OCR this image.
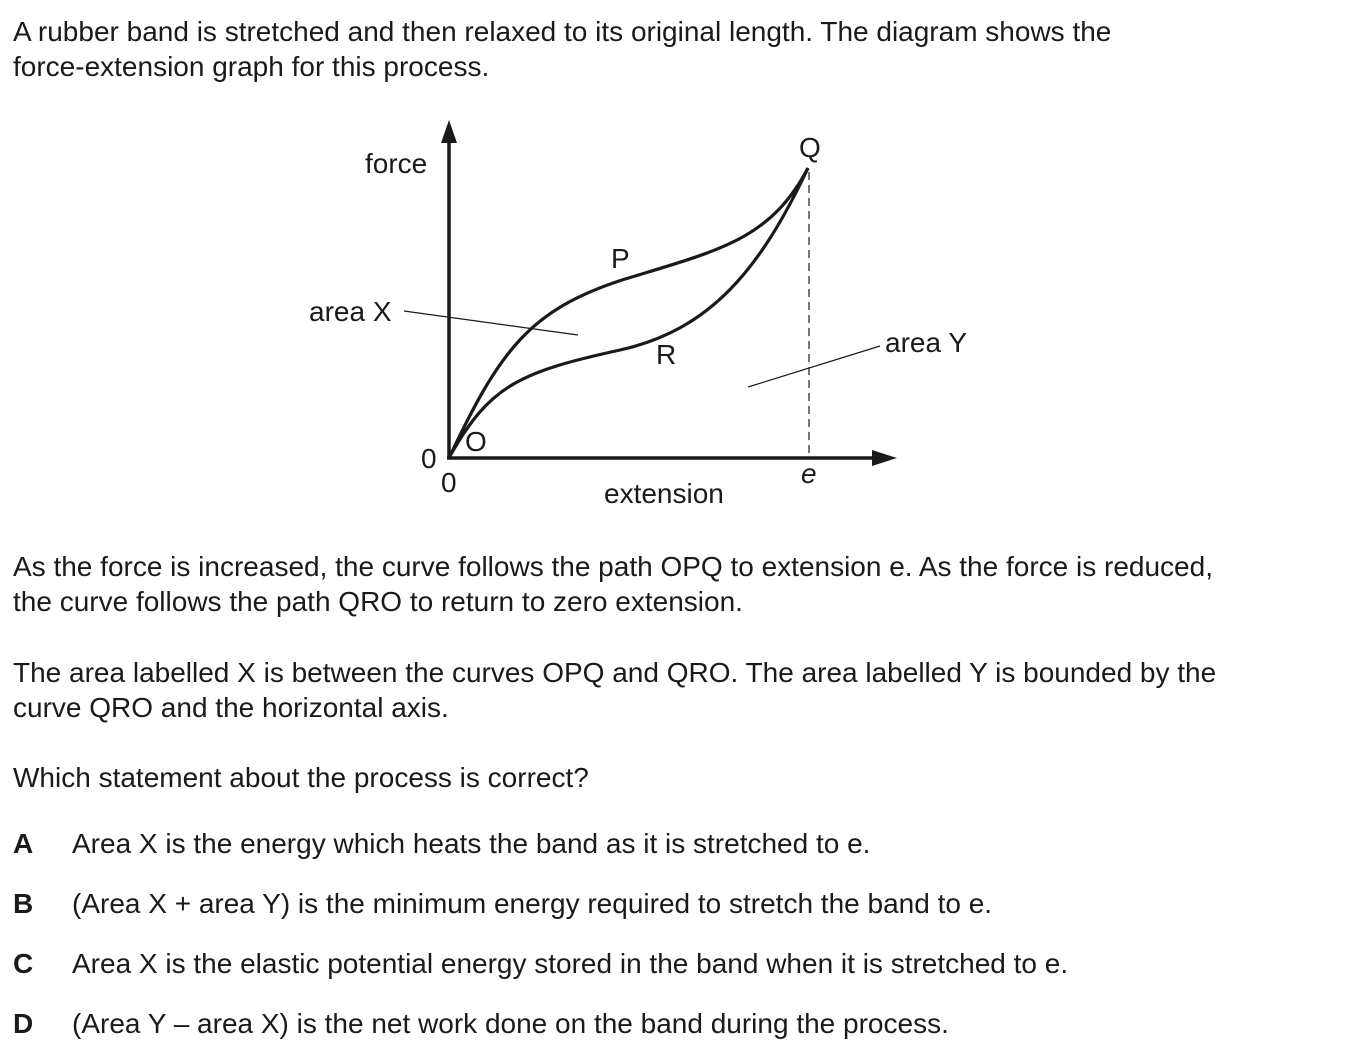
A rubber band is stretched and then relaxed to its original length. The diagram shows the
force-extension graph for this process.
force
extension
0
0
O
P
Q
R
e
area X
area Y
As the force is increased, the curve follows the path OPQ to extension e. As the force is reduced,
the curve follows the path QRO to return to zero extension.
The area labelled X is between the curves OPQ and QRO. The area labelled Y is bounded by the
curve QRO and the horizontal axis.
Which statement about the process is correct?
A Area X is the energy which heats the band as it is stretched to e.
B (Area X + area Y) is the minimum energy required to stretch the band to e.
C Area X is the elastic potential energy stored in the band when it is stretched to e.
D (Area Y – area X) is the net work done on the band during the process.
